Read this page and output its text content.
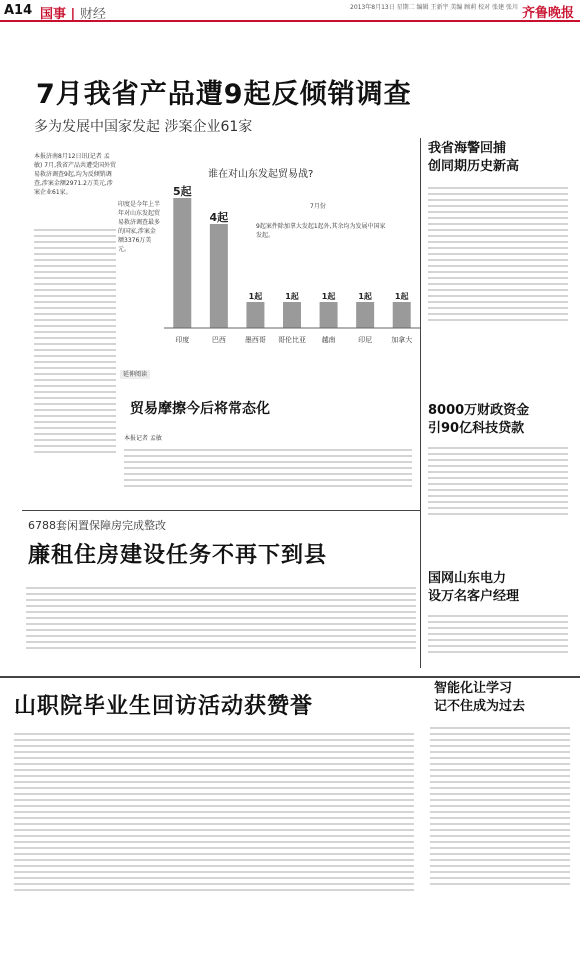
A14 国事 | 财经	2013年8月13日 星期二 编辑 王新宇 美编 顾莉 校对 张建 张川 齐鲁晚报
7月我省产品遭9起反倾销调查
多为发展中国家发起 涉案企业61家
本报济南8月12日讯(记者 孟敏) 7月,我省产品共遭受国外贸易救济调查9起,均为反倾销调查,涉案金额2971.2万美元,涉案企业61家。
印度是今年上半年对山东发起贸易救济调查最多的国家,涉案金额3376万美元。
谁在对山东发起贸易战?
5起
印度
4起
巴西
1起
墨西哥
1起
哥伦比亚
1起
越南
1起
印尼
1起
加拿大
7月份
9起案件除加拿大发起1起外,其余均为发展中国家发起。
延伸阅读
贸易摩擦今后将常态化
本报记者 孟敏
我省海警回捕
创同期历史新高
8000万财政资金
引90亿科技贷款
国网山东电力
设万名客户经理
6788套闲置保障房完成整改
廉租住房建设任务不再下到县
山职院毕业生回访活动获赞誉
智能化让学习
记不住成为过去
